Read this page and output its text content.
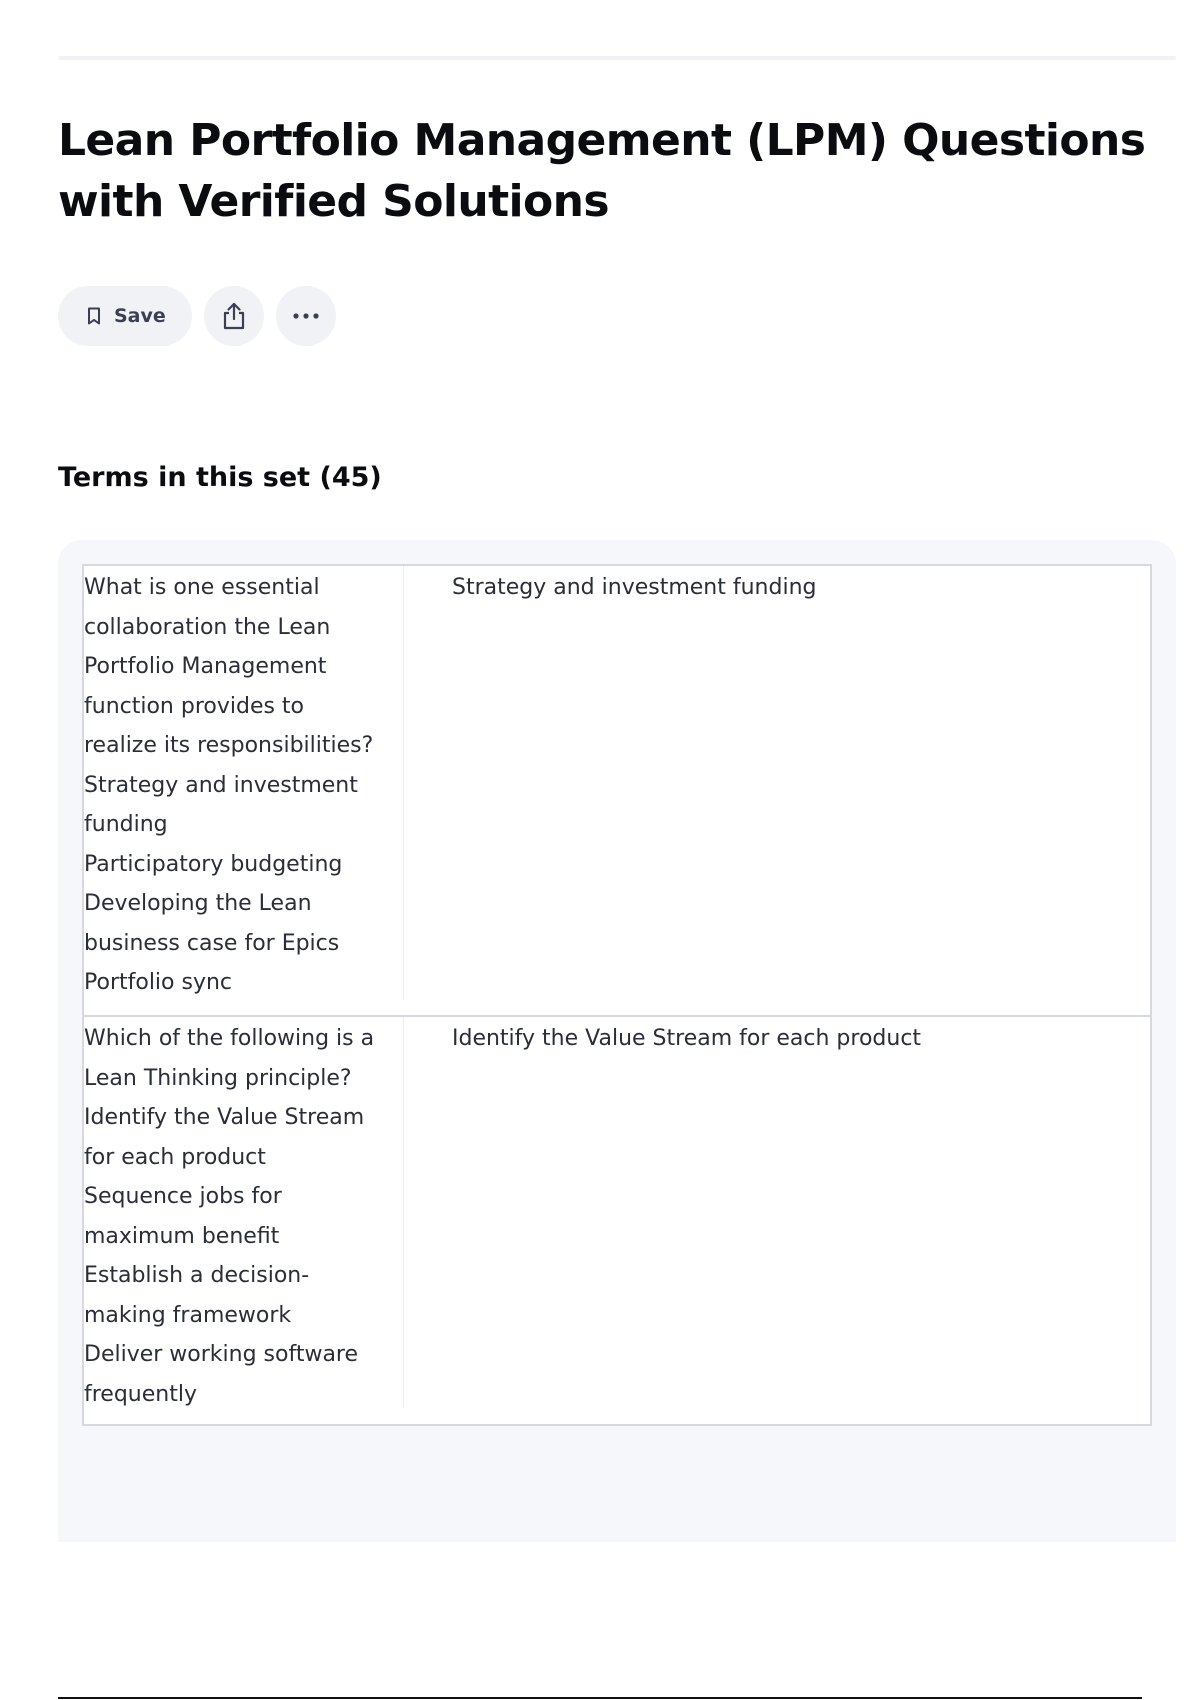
Lean Portfolio Management (LPM) Questions with Verified Solutions
Save
Terms in this set (45)
What is one essential
collaboration the Lean
Portfolio Management
function provides to
realize its responsibilities?
Strategy and investment
funding
Participatory budgeting
Developing the Lean
business case for Epics
Portfolio sync
Strategy and investment funding
Which of the following is a
Lean Thinking principle?
Identify the Value Stream
for each product
Sequence jobs for
maximum benefit
Establish a decision-
making framework
Deliver working software
frequently
Identify the Value Stream for each product
